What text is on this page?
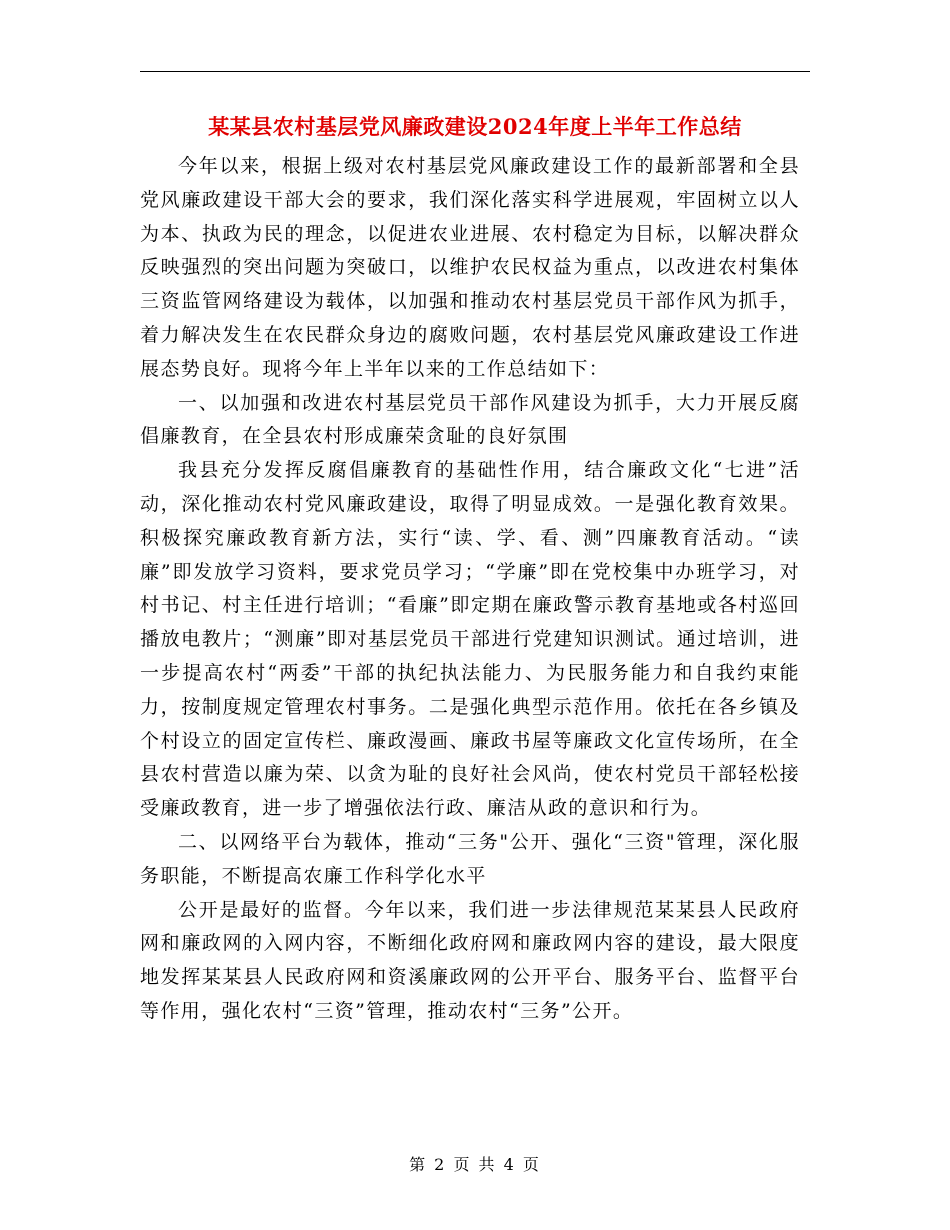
某某县农村基层党风廉政建设2024年度上半年工作总结

今年以来，根据上级对农村基层党风廉政建设工作的最新部署和全县党风廉政建设干部大会的要求，我们深化落实科学进展观，牢固树立以人为本、执政为民的理念，以促进农业进展、农村稳定为目标，以解决群众反映强烈的突出问题为突破口，以维护农民权益为重点，以改进农村集体三资监管网络建设为载体，以加强和推动农村基层党员干部作风为抓手，着力解决发生在农民群众身边的腐败问题，农村基层党风廉政建设工作进展态势良好。现将今年上半年以来的工作总结如下：

一、以加强和改进农村基层党员干部作风建设为抓手，大力开展反腐倡廉教育，在全县农村形成廉荣贪耻的良好氛围

我县充分发挥反腐倡廉教育的基础性作用，结合廉政文化“七进”活动，深化推动农村党风廉政建设，取得了明显成效。一是强化教育效果。积极探究廉政教育新方法，实行“读、学、看、测”四廉教育活动。“读廉”即发放学习资料，要求党员学习；“学廉”即在党校集中办班学习，对村书记、村主任进行培训；“看廉”即定期在廉政警示教育基地或各村巡回播放电教片；“测廉”即对基层党员干部进行党建知识测试。通过培训，进一步提高农村“两委”干部的执纪执法能力、为民服务能力和自我约束能力，按制度规定管理农村事务。二是强化典型示范作用。依托在各乡镇及个村设立的固定宣传栏、廉政漫画、廉政书屋等廉政文化宣传场所，在全县农村营造以廉为荣、以贪为耻的良好社会风尚，使农村党员干部轻松接受廉政教育，进一步了增强依法行政、廉洁从政的意识和行为。

二、以网络平台为载体，推动“三务"公开、强化“三资"管理，深化服务职能，不断提高农廉工作科学化水平

公开是最好的监督。今年以来，我们进一步法律规范某某县人民政府网和廉政网的入网内容，不断细化政府网和廉政网内容的建设，最大限度地发挥某某县人民政府网和资溪廉政网的公开平台、服务平台、监督平台等作用，强化农村“三资”管理，推动农村“三务”公开。

第 2 页 共 4 页
